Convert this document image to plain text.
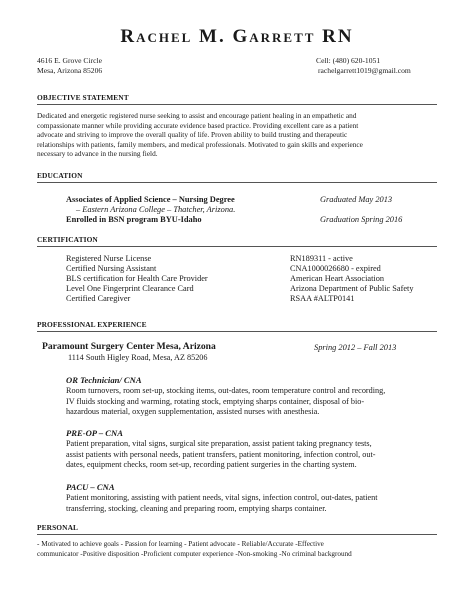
Rachel M. Garrett RN
4616 E. Grove Circle
Mesa, Arizona 85206
Cell: (480) 620-1051
rachelgarrett1019@gmail.com
OBJECTIVE STATEMENT
Dedicated and energetic registered nurse seeking to assist and encourage patient healing in an empathetic and
compassionate manner while providing accurate evidence based practice. Providing excellent care as a patient
advocate and striving to improve the overall quality of life. Proven ability to build trusting and therapeutic
relationships with patients, family members, and medical professionals. Motivated to gain skills and experience
necessary to advance in the nursing field.
EDUCATION
Associates of Applied Science – Nursing Degree	Graduated May 2013
– Eastern Arizona College – Thatcher, Arizona.
Enrolled in BSN program BYU-Idaho	Graduation Spring 2016
CERTIFICATION
Registered Nurse License	RN189311 - active
Certified Nursing Assistant	CNA1000026680 - expired
BLS certification for Health Care Provider	American Heart Association
Level One Fingerprint Clearance Card	Arizona Department of Public Safety
Certified Caregiver	RSAA #ALTP0141
PROFESSIONAL EXPERIENCE
Paramount Surgery Center Mesa, Arizona	Spring 2012 – Fall 2013
1114 South Higley Road, Mesa, AZ 85206
OR Technician/ CNA
Room turnovers, room set-up, stocking items, out-dates, room temperature control and recording,
IV fluids stocking and warming, rotating stock, emptying sharps container, disposal of bio-
hazardous material, oxygen supplementation, assisted nurses with anesthesia.
PRE-OP – CNA
Patient preparation, vital signs, surgical site preparation, assist patient taking pregnancy tests,
assist patients with personal needs, patient transfers, patient monitoring, infection control, out-
dates, equipment checks, room set-up, recording patient surgeries in the charting system.
PACU – CNA
Patient monitoring, assisting with patient needs, vital signs, infection control, out-dates, patient
transferring, stocking, cleaning and preparing room, emptying sharps container.
PERSONAL
- Motivated to achieve goals - Passion for learning - Patient advocate - Reliable/Accurate -Effective
communicator -Positive disposition -Proficient computer experience -Non-smoking -No criminal background
